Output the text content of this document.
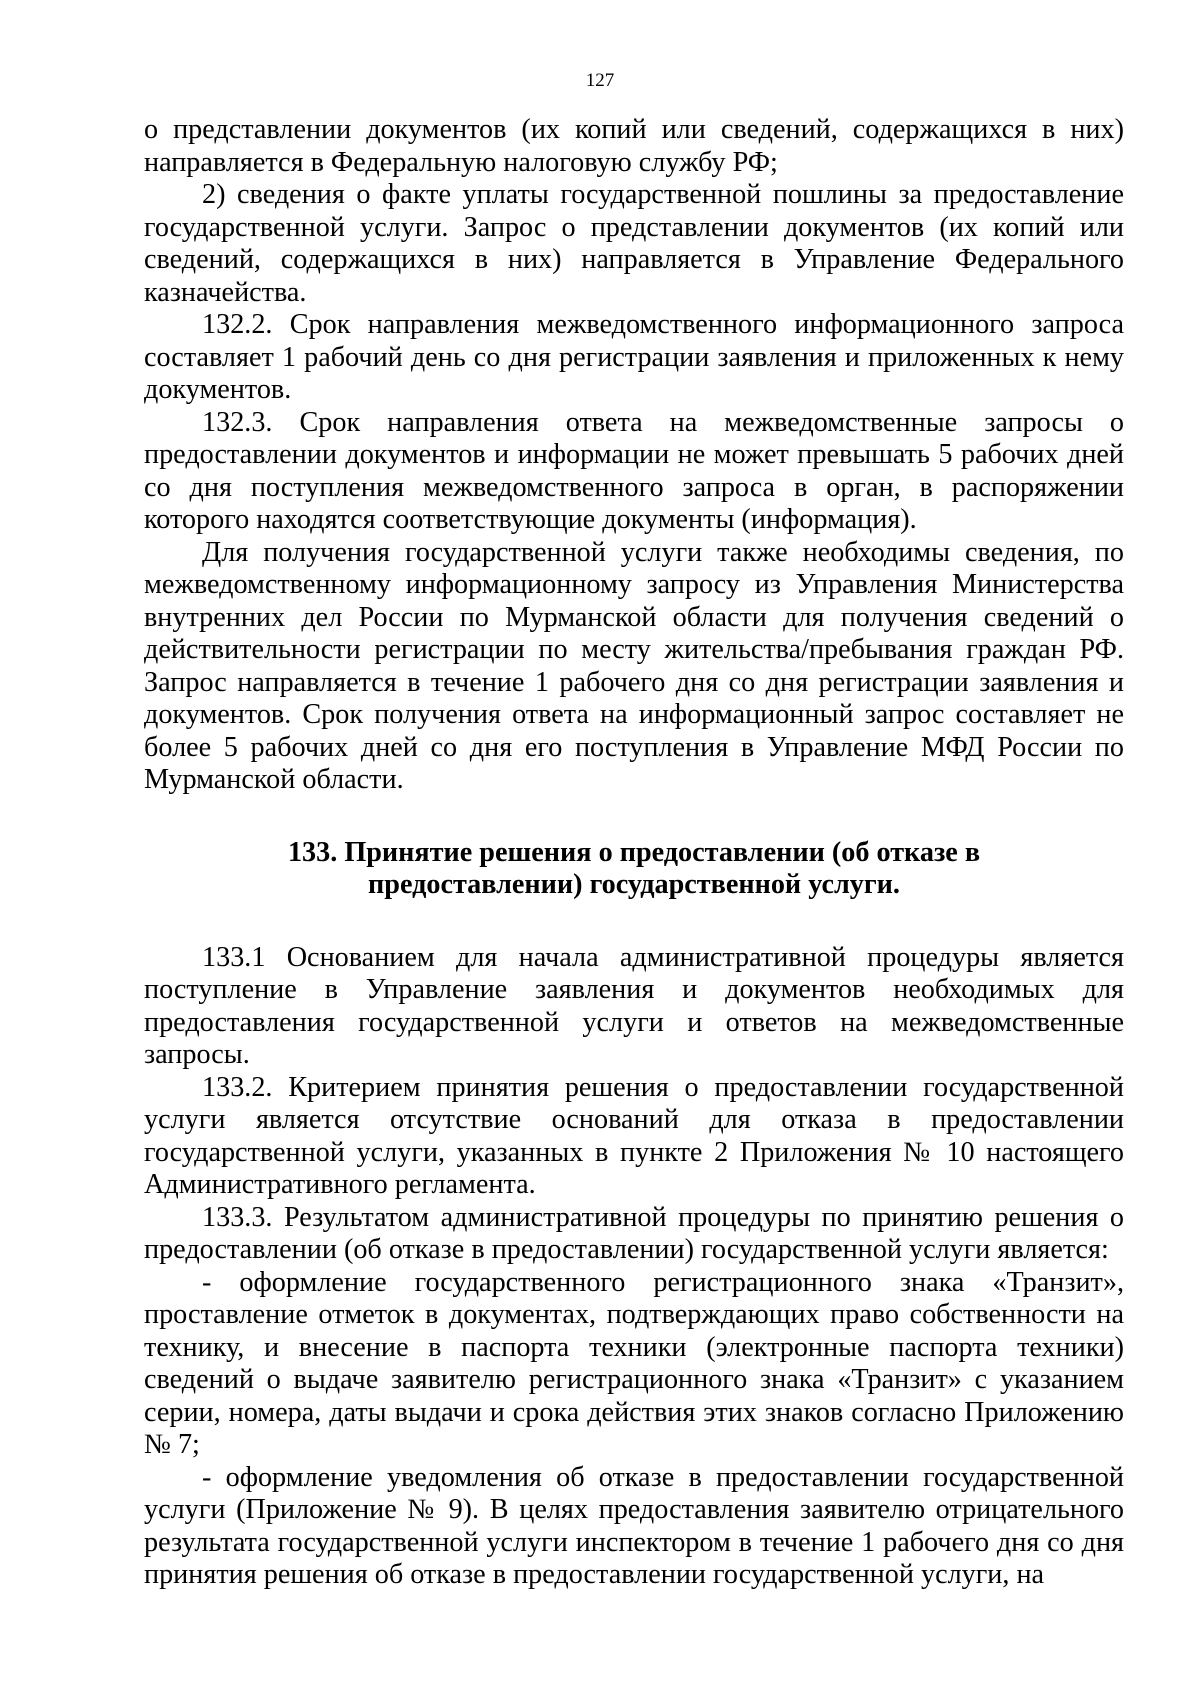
127

о представлении документов (их копий или сведений, содержащихся в них) направляется в Федеральную налоговую службу РФ;

2) сведения о факте уплаты государственной пошлины за предоставление государственной услуги. Запрос о представлении документов (их копий или сведений, содержащихся в них) направляется в Управление Федерального казначейства.

132.2. Срок направления межведомственного информационного запроса составляет 1 рабочий день со дня регистрации заявления и приложенных к нему документов.

132.3. Срок направления ответа на межведомственные запросы о предоставлении документов и информации не может превышать 5 рабочих дней со дня поступления межведомственного запроса в орган, в распоряжении которого находятся соответствующие документы (информация).

Для получения государственной услуги также необходимы сведения, по межведомственному информационному запросу из Управления Министерства внутренних дел России по Мурманской области для получения сведений о действительности регистрации по месту жительства/пребывания граждан РФ. Запрос направляется в течение 1 рабочего дня со дня регистрации заявления и документов. Срок получения ответа на информационный запрос составляет не более 5 рабочих дней со дня его поступления в Управление МФД России по Мурманской области.

133. Принятие решения о предоставлении (об отказе в
предоставлении) государственной услуги.

133.1 Основанием для начала административной процедуры является поступление в Управление заявления и документов необходимых для предоставления государственной услуги и ответов на межведомственные запросы.

133.2. Критерием принятия решения о предоставлении государственной услуги является отсутствие оснований для отказа в предоставлении государственной услуги, указанных в пункте 2 Приложения № 10 настоящего Административного регламента.

133.3. Результатом административной процедуры по принятию решения о предоставлении (об отказе в предоставлении) государственной услуги является:

- оформление государственного регистрационного знака «Транзит», проставление отметок в документах, подтверждающих право собственности на технику, и внесение в паспорта техники (электронные паспорта техники) сведений о выдаче заявителю регистрационного знака «Транзит» с указанием серии, номера, даты выдачи и срока действия этих знаков согласно Приложению № 7;

- оформление уведомления об отказе в предоставлении государственной услуги (Приложение № 9). В целях предоставления заявителю отрицательного результата государственной услуги инспектором в течение 1 рабочего дня со дня принятия решения об отказе в предоставлении государственной услуги, на
